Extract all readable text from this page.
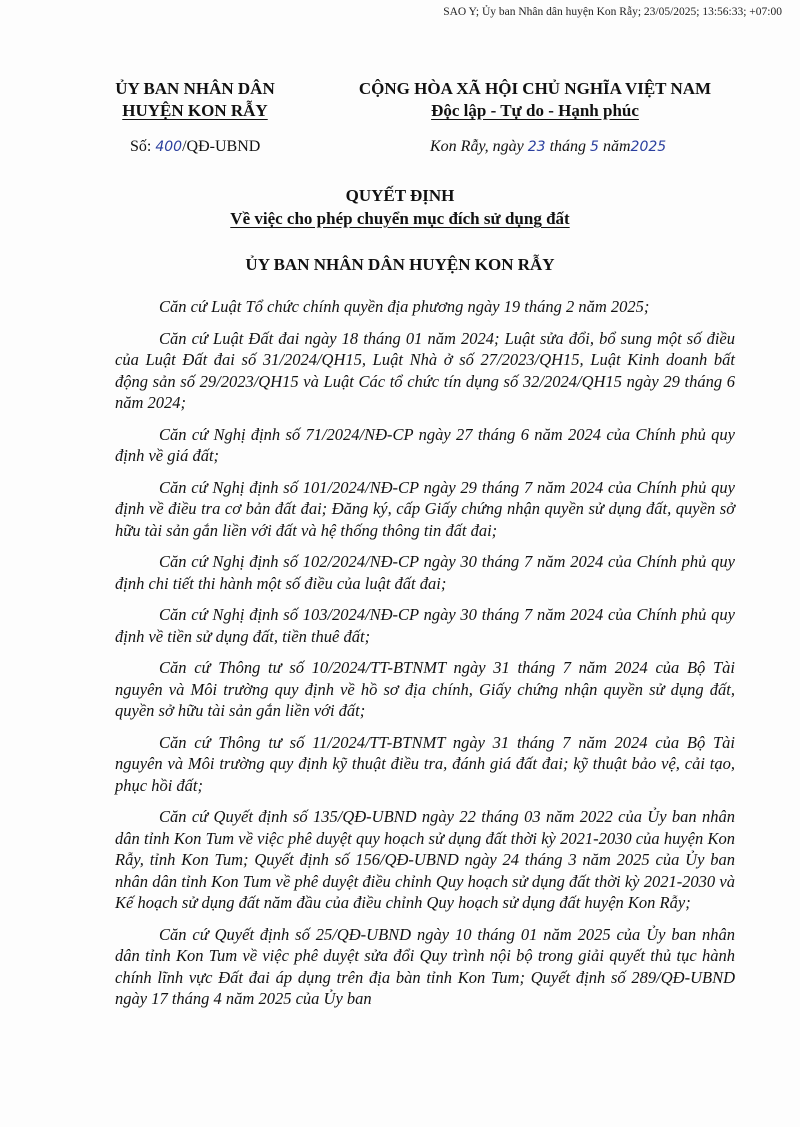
SAO Y; Ủy ban Nhân dân huyện Kon Rẫy; 23/05/2025; 13:56:33; +07:00
ỦY BAN NHÂN DÂN
HUYỆN KON RẪY
CỘNG HÒA XÃ HỘI CHỦ NGHĨA VIỆT NAM
Độc lập - Tự do - Hạnh phúc
Số: 400/QĐ-UBND	Kon Rẫy, ngày 23 tháng 5 năm2025
QUYẾT ĐỊNH
Về việc cho phép chuyển mục đích sử dụng đất
ỦY BAN NHÂN DÂN HUYỆN KON RẪY

Căn cứ Luật Tổ chức chính quyền địa phương ngày 19 tháng 2 năm 2025;

Căn cứ Luật Đất đai ngày 18 tháng 01 năm 2024; Luật sửa đổi, bổ sung một số điều của Luật Đất đai số 31/2024/QH15, Luật Nhà ở số 27/2023/QH15, Luật Kinh doanh bất động sản số 29/2023/QH15 và Luật Các tổ chức tín dụng số 32/2024/QH15 ngày 29 tháng 6 năm 2024;

Căn cứ Nghị định số 71/2024/NĐ-CP ngày 27 tháng 6 năm 2024 của Chính phủ quy định về giá đất;

Căn cứ Nghị định số 101/2024/NĐ-CP ngày 29 tháng 7 năm 2024 của Chính phủ quy định về điều tra cơ bản đất đai; Đăng ký, cấp Giấy chứng nhận quyền sử dụng đất, quyền sở hữu tài sản gắn liền với đất và hệ thống thông tin đất đai;

Căn cứ Nghị định số 102/2024/NĐ-CP ngày 30 tháng 7 năm 2024 của Chính phủ quy định chi tiết thi hành một số điều của luật đất đai;

Căn cứ Nghị định số 103/2024/NĐ-CP ngày 30 tháng 7 năm 2024 của Chính phủ quy định về tiền sử dụng đất, tiền thuê đất;

Căn cứ Thông tư số 10/2024/TT-BTNMT ngày 31 tháng 7 năm 2024 của Bộ Tài nguyên và Môi trường quy định về hồ sơ địa chính, Giấy chứng nhận quyền sử dụng đất, quyền sở hữu tài sản gắn liền với đất;

Căn cứ Thông tư số 11/2024/TT-BTNMT ngày 31 tháng 7 năm 2024 của Bộ Tài nguyên và Môi trường quy định kỹ thuật điều tra, đánh giá đất đai; kỹ thuật bảo vệ, cải tạo, phục hồi đất;

Căn cứ Quyết định số 135/QĐ-UBND ngày 22 tháng 03 năm 2022 của Ủy ban nhân dân tỉnh Kon Tum về việc phê duyệt quy hoạch sử dụng đất thời kỳ 2021-2030 của huyện Kon Rẫy, tỉnh Kon Tum; Quyết định số 156/QĐ-UBND ngày 24 tháng 3 năm 2025 của Ủy ban nhân dân tỉnh Kon Tum về phê duyệt điều chỉnh Quy hoạch sử dụng đất thời kỳ 2021-2030 và Kế hoạch sử dụng đất năm đầu của điều chỉnh Quy hoạch sử dụng đất huyện Kon Rẫy;

Căn cứ Quyết định số 25/QĐ-UBND ngày 10 tháng 01 năm 2025 của Ủy ban nhân dân tỉnh Kon Tum về việc phê duyệt sửa đổi Quy trình nội bộ trong giải quyết thủ tục hành chính lĩnh vực Đất đai áp dụng trên địa bàn tỉnh Kon Tum; Quyết định số 289/QĐ-UBND ngày 17 tháng 4 năm 2025 của Ủy ban
